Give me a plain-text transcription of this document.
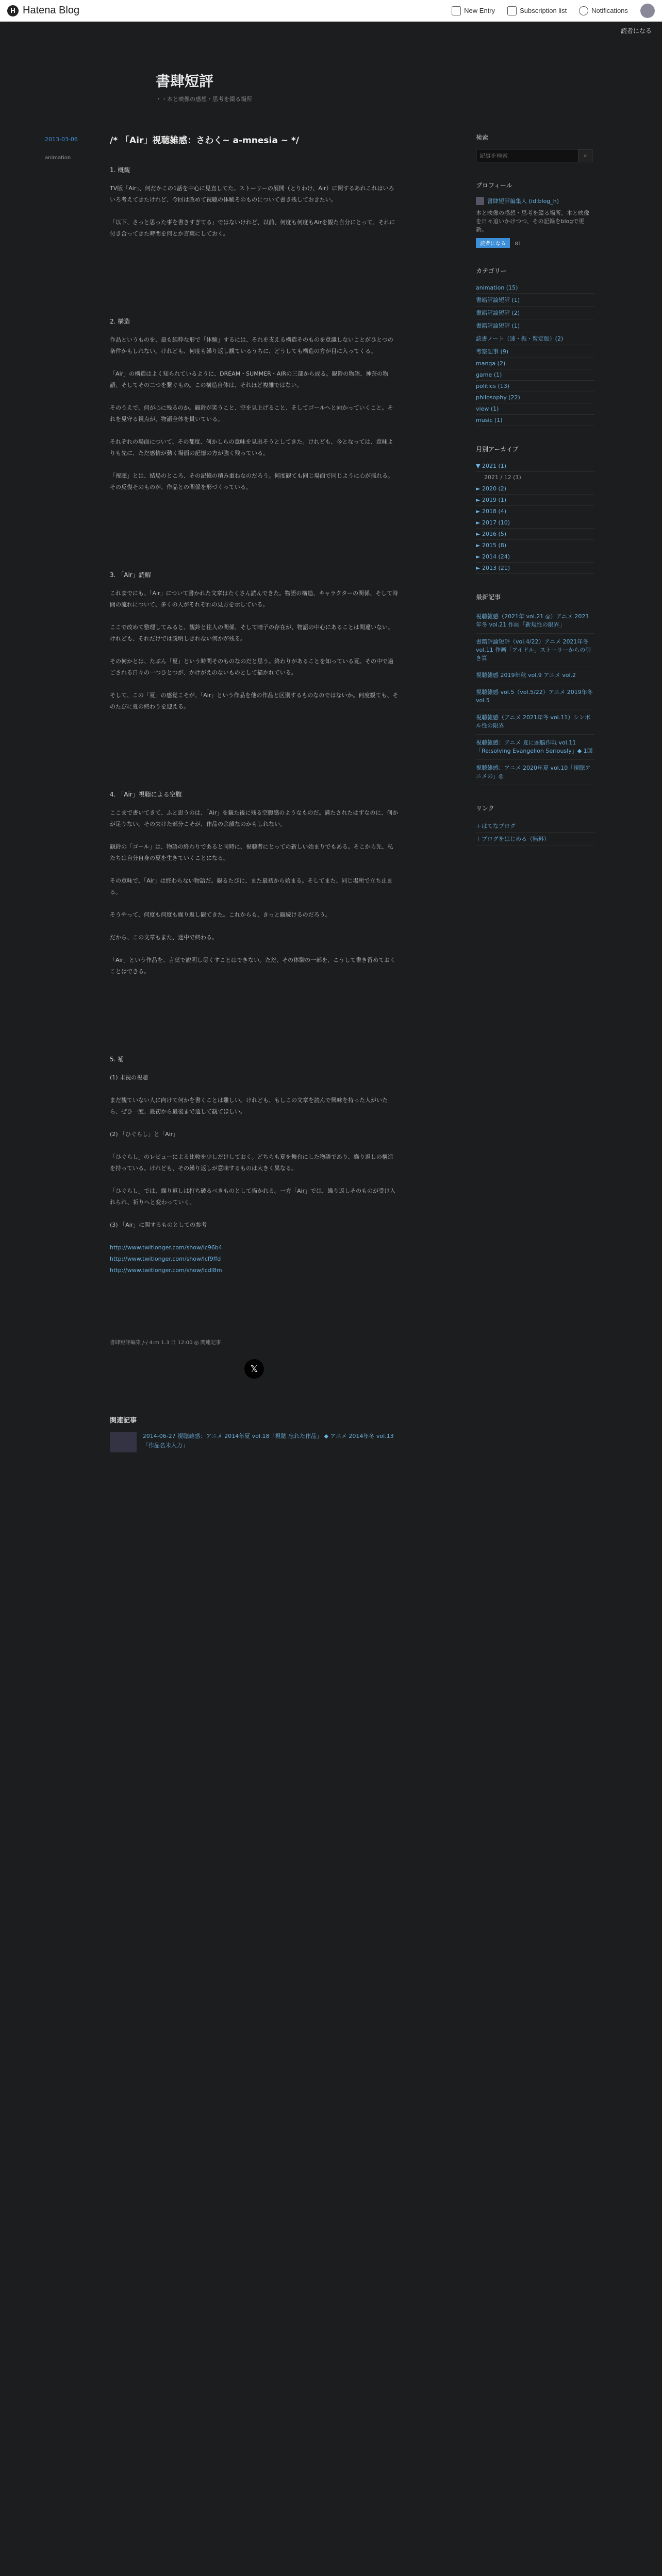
H Hatena Blog	New Entry	Subscription list	Notifications
読者になる
書肆短評
・・本と映像の感想・思考を綴る場所
2013-03-06
animation
/* 「Air」視聴雑感：さわく~ a-mnesia ~ */
1. 概観

TV版「Air」、何だかこの1話を中心に見直してた。ストーリーの展開（とりわけ、Air）に関するあれこれはいろいろ考えてきたけれど、今回は改めて視聴の体験そのものについて書き残しておきたい。

「以下、さっと思った事を書きすぎてる」ではないけれど、以前、何度も何度もAirを観た自分にとって、それに付き合ってきた時間を何とか言葉にしておく。

2. 構造

作品というものを、最も純粋な形で「体験」するには、それを支える構造そのものを意識しないことがひとつの条件かもしれない。けれども、何度も繰り返し観ているうちに、どうしても構造の方が目に入ってくる。

「Air」の構造はよく知られているように、DREAM・SUMMER・AIRの三部から成る。観鈴の物語、神奈の物語、そしてその二つを繋ぐもの。この構造自体は、それほど複雑ではない。

そのうえで、何が心に残るのか。観鈴が笑うこと、空を見上げること、そしてゴールへと向かっていくこと。それを見守る視点が、物語全体を貫いている。

それぞれの場面について、その都度、何かしらの意味を見出そうとしてきた。けれども、今となっては、意味よりも先に、ただ感情が動く場面の記憶の方が強く残っている。

「視聴」とは、結局のところ、その記憶の積み重ねなのだろう。何度観ても同じ場面で同じように心が揺れる。その反復そのものが、作品との関係を形づくっている。

3. 「Air」読解

これまでにも、「Air」について書かれた文章はたくさん読んできた。物語の構造、キャラクターの関係、そして時間の流れについて、多くの人がそれぞれの見方を示している。

ここで改めて整理してみると、観鈴と往人の関係、そして晴子の存在が、物語の中心にあることは間違いない。けれども、それだけでは説明しきれない何かが残る。

その何かとは、たぶん「夏」という時間そのものなのだと思う。終わりがあることを知っている夏。その中で過ごされる日々の一つひとつが、かけがえのないものとして描かれている。

そして、この「夏」の感覚こそが、「Air」という作品を他の作品と区別するものなのではないか。何度観ても、そのたびに夏の終わりを迎える。

4. 「Air」視聴による空腹

ここまで書いてきて、ふと思うのは、「Air」を観た後に残る空腹感のようなものだ。満たされたはずなのに、何かが足りない。その欠けた部分こそが、作品の余韻なのかもしれない。

観鈴の「ゴール」は、物語の終わりであると同時に、視聴者にとっての新しい始まりでもある。そこから先、私たちは自分自身の夏を生きていくことになる。

その意味で、「Air」は終わらない物語だ。観るたびに、また最初から始まる。そしてまた、同じ場所で立ち止まる。

そうやって、何度も何度も繰り返し観てきた。これからも、きっと観続けるのだろう。

だから、この文章もまた、途中で終わる。

「Air」という作品を、言葉で説明し尽くすことはできない。ただ、その体験の一部を、こうして書き留めておくことはできる。

5. 補

(1) 未視の視聴

まだ観ていない人に向けて何かを書くことは難しい。けれども、もしこの文章を読んで興味を持った人がいたら、ぜひ一度、最初から最後まで通して観てほしい。

(2) 「ひぐらし」と「Air」

「ひぐらし」のレビューによる比較を少しだけしておく。どちらも夏を舞台にした物語であり、繰り返しの構造を持っている。けれども、その繰り返しが意味するものは大きく異なる。

「ひぐらし」では、繰り返しは打ち破るべきものとして描かれる。一方「Air」では、繰り返しそのものが受け入れられ、祈りへと変わっていく。

(3) 「Air」に関するものとしての参考

http://www.twitlonger.com/show/lc96b4
http://www.twitlonger.com/show/lcf9ffd
http://www.twitlonger.com/show/lcdl8m
書肆短評編集 /-/ 4:m 1.3 日 12:00 ◎ 関連記事
𝕏
関連記事
2014-06-27 視聴雑感：アニメ 2014年夏 vol.18「視聴 忘れた作品」 ◆ アニメ 2014年冬 vol.13「作品名未入力」
検索
記事を検索
⌕
プロフィール
書肆短評編集人 (id:blog_h)
本と映像の感想・思考を綴る場所。本と映像を日々追いかけつつ、その記録をblogで更新。
読者になる 81
カテゴリー
animation (15)
書籍評論短評 (1)
書籍評論短評 (2)
書籍評論短評 (1)
読書ノート（速・振・暫定版）(2)
考察記事 (9)
manga (2)
game (1)
politics (13)
philosophy (22)
view (1)
music (1)
月別アーカイブ
▼ 2021 (1)
2021 / 12 (1)
► 2020 (2)
► 2019 (1)
► 2018 (4)
► 2017 (10)
► 2016 (5)
► 2015 (8)
► 2014 (24)
► 2013 (21)
最新記事
視聴雑感（2021年 vol.21 ◎）アニメ 2021年冬 vol.21 作画「新規性の限界」
書籍評論短評（vol.4/22）アニメ 2021年冬 vol.11 作画「アイドル」ストーリーからの引き算
視聴雑感 2019年秋 vol.9 アニメ vol.2
視聴雑感 vol.5（vol.5/22）アニメ 2019年冬 vol.5
視聴雑感（アニメ 2021年冬 vol.11）シンボル性の限界
視聴雑感：アニメ 夏に頭脳作戦 vol.11「Re:solving Evangelion Seriously」◆ 1回
視聴雑感：アニメ 2020年夏 vol.10「視聴アニメの」◎
リンク
＋はてなブログ
＋ブログをはじめる（無料）
